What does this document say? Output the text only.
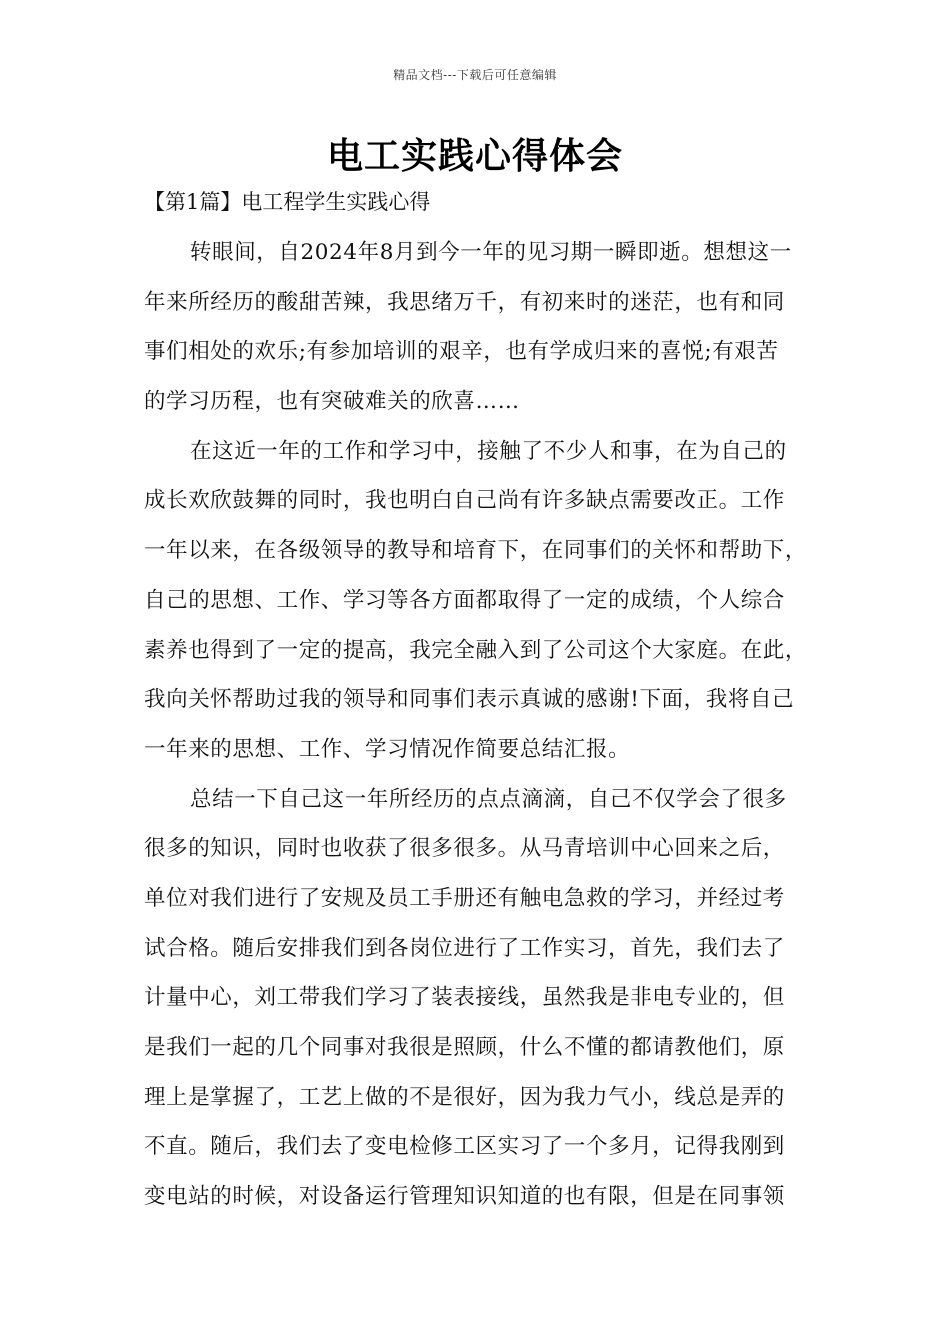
精品文档---下载后可任意编辑
电工实践心得体会
【第1篇】电工程学生实践心得
转眼间，自2024年8月到今一年的见习期一瞬即逝。想想这一
年来所经历的酸甜苦辣，我思绪万千，有初来时的迷茫，也有和同
事们相处的欢乐;有参加培训的艰辛，也有学成归来的喜悦;有艰苦
的学习历程，也有突破难关的欣喜……
在这近一年的工作和学习中，接触了不少人和事，在为自己的
成长欢欣鼓舞的同时，我也明白自己尚有许多缺点需要改正。工作
一年以来，在各级领导的教导和培育下，在同事们的关怀和帮助下，
自己的思想、工作、学习等各方面都取得了一定的成绩，个人综合
素养也得到了一定的提高，我完全融入到了公司这个大家庭。在此，
我向关怀帮助过我的领导和同事们表示真诚的感谢!下面，我将自己
一年来的思想、工作、学习情况作简要总结汇报。
总结一下自己这一年所经历的点点滴滴，自己不仅学会了很多
很多的知识，同时也收获了很多很多。从马青培训中心回来之后，
单位对我们进行了安规及员工手册还有触电急救的学习，并经过考
试合格。随后安排我们到各岗位进行了工作实习，首先，我们去了
计量中心，刘工带我们学习了装表接线，虽然我是非电专业的，但
是我们一起的几个同事对我很是照顾，什么不懂的都请教他们，原
理上是掌握了，工艺上做的不是很好，因为我力气小，线总是弄的
不直。随后，我们去了变电检修工区实习了一个多月，记得我刚到
变电站的时候，对设备运行管理知识知道的也有限，但是在同事领
